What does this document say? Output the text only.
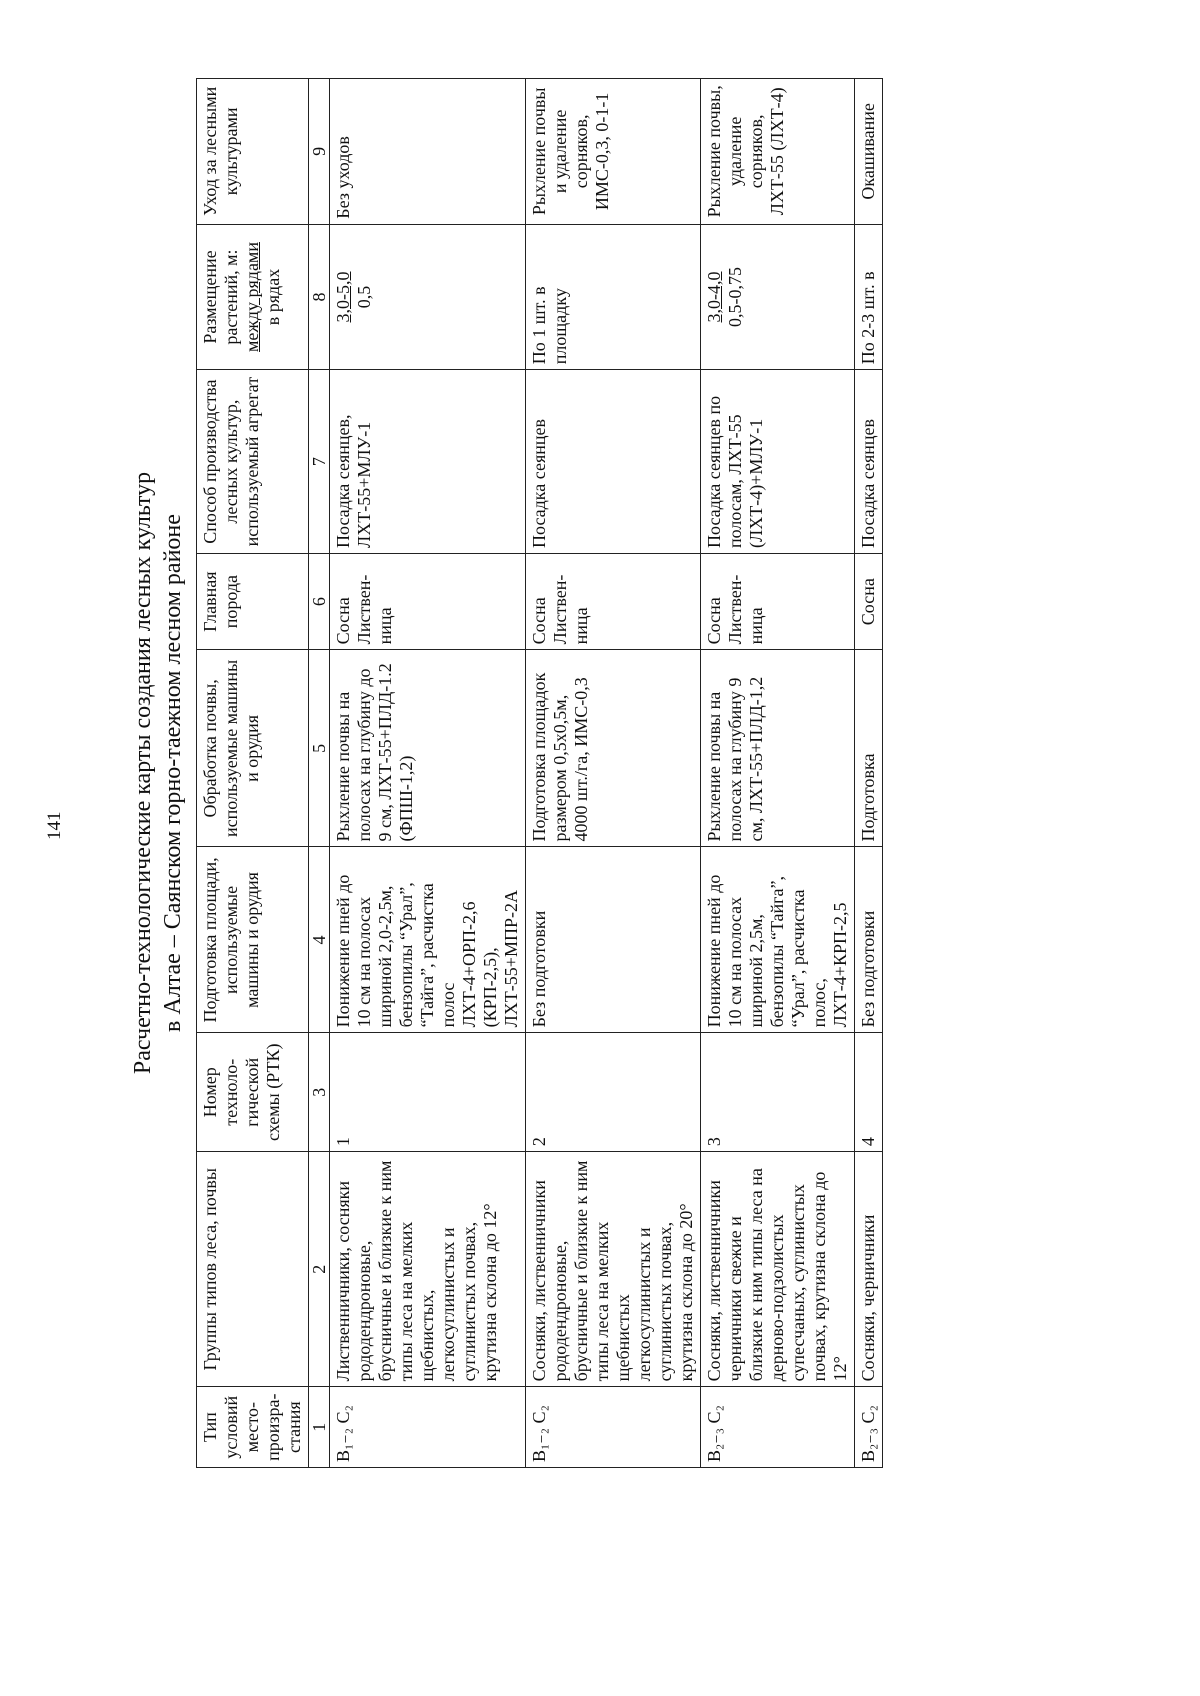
141	Расчетно-технологические карты создания лесных культур в Алтае – Саянском горно-таежном лесном районе
Тип условий место-произра-стания	Группы типов леса, почвы	Номер техноло-гической схемы (РТК)	Подготовка площади, используемые машины и орудия	Обработка почвы, используемые машины и орудия	Главная порода	Способ производства лесных культур, используемый агрегат	Размещение растений, м: между рядами в рядах	Уход за лесными культурами
1	2	3	4	5	6	7	8	9
В₁₋₂ С₂	Лиственничники, сосняки рододендроновые, брусничные и близкие к ним типы леса на мелких щебнистых, легкосуглинистых и суглинистых почвах, крутизна склона до 12°	1	Понижение пней до 10 см на полосах шириной 2,0-2,5м, бензопилы “Урал”, “Тайга”, расчистка полос ЛХТ-4+ОРП-2,6 (КРП-2,5), ЛХТ-55+МПР-2А	Рыхление почвы на полосах на глубину до 9 см, ЛХТ-55+ПЛД-1.2 (ФПШ-1,2)	Сосна Листвен-ница	Посадка сеянцев, ЛХТ-55+МЛУ-1	3,0-5,0 0,5	Без уходов
В₁₋₂ С₂	Сосняки, лиственничники рододендроновые, брусничные и близкие к ним типы леса на мелких щебнистых легкосуглинистых и суглинистых почвах, крутизна склона до 20°	2	Без подготовки	Подготовка площадок размером 0,5х0,5м, 4000 шт./га, ИМС-0,3	Сосна Листвен-ница	Посадка сеянцев	По 1 шт. в площадку	Рыхление почвы и удаление сорняков, ИМС-0,3, 0-1-1
В₂₋₃ С₂	Сосняки, лиственничники черничники свежие и близкие к ним типы леса на дерново-подзолистых супесчаных, суглинистых почвах, крутизна склона до 12°	3	Понижение пней до 10 см на полосах шириной 2,5м, бензопилы “Тайга”, “Урал”, расчистка полос, ЛХТ-4+КРП-2,5	Рыхление почвы на полосах на глубину 9 см, ЛХТ-55+ПЛД-1,2	Сосна Листвен-ница	Посадка сеянцев по полосам, ЛХТ-55 (ЛХТ-4)+МЛУ-1	3,0-4,0 0,5-0,75	Рыхление почвы, удаление сорняков, ЛХТ-55 (ЛХТ-4)
В₂₋₃ С₂	Сосняки, черничники	4	Без подготовки	Подготовка	Сосна	Посадка сеянцев	По 2-3 шт. в	Окашивание
